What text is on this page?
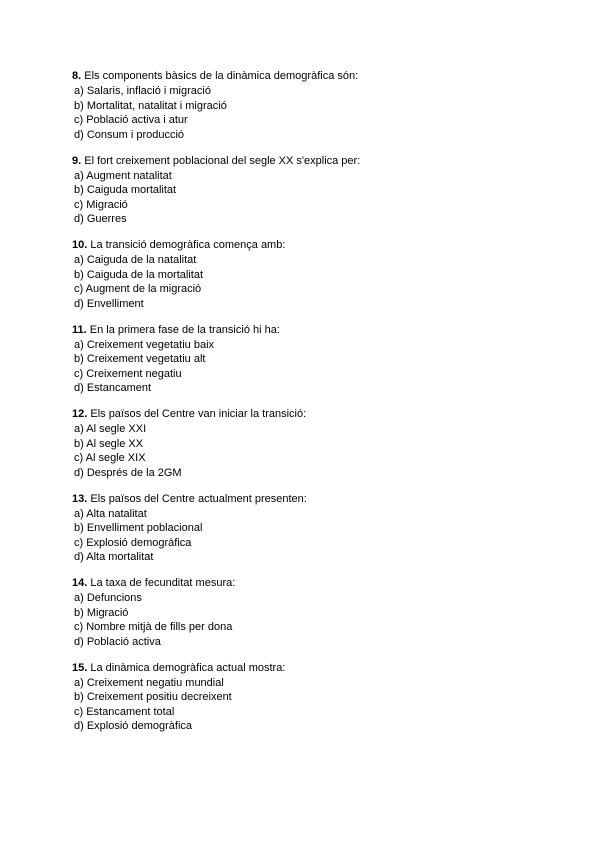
8. Els components bàsics de la dinàmica demogràfica són:
a) Salaris, inflació i migració
b) Mortalitat, natalitat i migració
c) Població activa i atur
d) Consum i producció
9. El fort creixement poblacional del segle XX s'explica per:
a) Augment natalitat
b) Caiguda mortalitat
c) Migració
d) Guerres
10. La transició demogràfica comença amb:
a) Caiguda de la natalitat
b) Caiguda de la mortalitat
c) Augment de la migració
d) Envelliment
11. En la primera fase de la transició hi ha:
a) Creixement vegetatiu baix
b) Creixement vegetatiu alt
c) Creixement negatiu
d) Estancament
12. Els països del Centre van iniciar la transició:
a) Al segle XXI
b) Al segle XX
c) Al segle XIX
d) Després de la 2GM
13. Els països del Centre actualment presenten:
a) Alta natalitat
b) Envelliment poblacional
c) Explosió demogràfica
d) Alta mortalitat
14. La taxa de fecunditat mesura:
a) Defuncions
b) Migració
c) Nombre mitjà de fills per dona
d) Població activa
15. La dinàmica demogràfica actual mostra:
a) Creixement negatiu mundial
b) Creixement positiu decreixent
c) Estancament total
d) Explosió demogràfica
